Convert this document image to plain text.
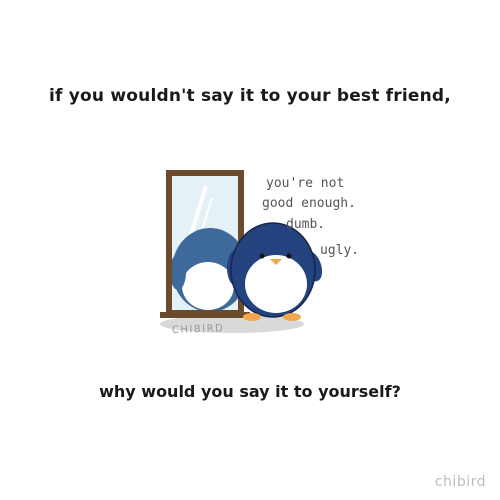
if you wouldn't say it to your best friend,
CHIBIRD
you're not
good enough.
dumb.
ugly.
why would you say it to yourself?
chibird
